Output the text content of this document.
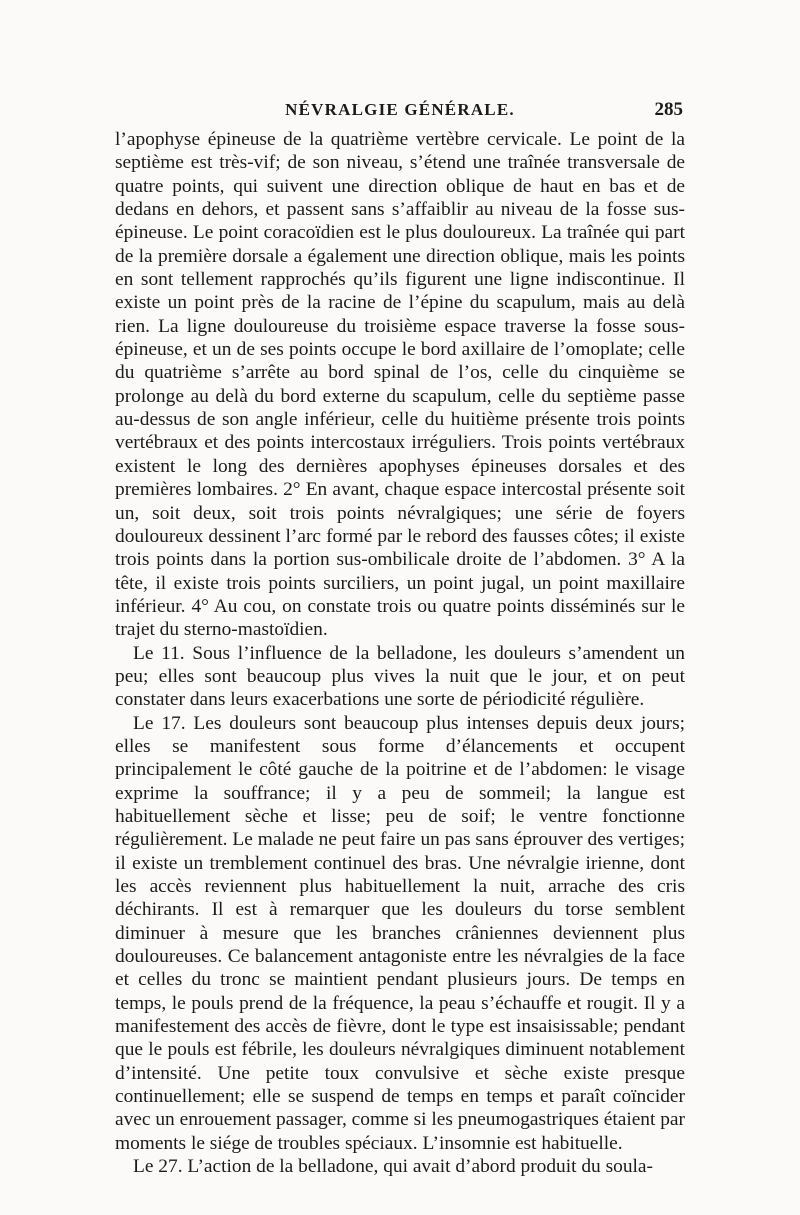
NÉVRALGIE GÉNÉRALE.	285

l’apophyse épineuse de la quatrième vertèbre cervicale. Le point de la septième est très-vif; de son niveau, s’étend une traînée transversale de quatre points, qui suivent une direction oblique de haut en bas et de dedans en dehors, et passent sans s’affaiblir au niveau de la fosse sus-épineuse. Le point coracoïdien est le plus douloureux. La traînée qui part de la première dorsale a également une direction oblique, mais les points en sont tellement rapprochés qu’ils figurent une ligne indiscontinue. Il existe un point près de la racine de l’épine du scapulum, mais au delà rien. La ligne douloureuse du troisième espace traverse la fosse sous-épineuse, et un de ses points occupe le bord axillaire de l’omoplate; celle du quatrième s’arrête au bord spinal de l’os, celle du cinquième se prolonge au delà du bord externe du scapulum, celle du septième passe au-dessus de son angle inférieur, celle du huitième présente trois points vertébraux et des points intercostaux irréguliers. Trois points vertébraux existent le long des dernières apophyses épineuses dorsales et des premières lombaires. 2° En avant, chaque espace intercostal présente soit un, soit deux, soit trois points névralgiques; une série de foyers douloureux dessinent l’arc formé par le rebord des fausses côtes; il existe trois points dans la portion sus-ombilicale droite de l’abdomen. 3° A la tête, il existe trois points surciliers, un point jugal, un point maxillaire inférieur. 4° Au cou, on constate trois ou quatre points disséminés sur le trajet du sterno-mastoïdien.

Le 11. Sous l’influence de la belladone, les douleurs s’amendent un peu; elles sont beaucoup plus vives la nuit que le jour, et on peut constater dans leurs exacerbations une sorte de périodicité régulière.

Le 17. Les douleurs sont beaucoup plus intenses depuis deux jours; elles se manifestent sous forme d’élancements et occupent principalement le côté gauche de la poitrine et de l’abdomen: le visage exprime la souffrance; il y a peu de sommeil; la langue est habituellement sèche et lisse; peu de soif; le ventre fonctionne régulièrement. Le malade ne peut faire un pas sans éprouver des vertiges; il existe un tremblement continuel des bras. Une névralgie irienne, dont les accès reviennent plus habituellement la nuit, arrache des cris déchirants. Il est à remarquer que les douleurs du torse semblent diminuer à mesure que les branches crâniennes deviennent plus douloureuses. Ce balancement antagoniste entre les névralgies de la face et celles du tronc se maintient pendant plusieurs jours. De temps en temps, le pouls prend de la fréquence, la peau s’échauffe et rougit. Il y a manifestement des accès de fièvre, dont le type est insaisissable; pendant que le pouls est fébrile, les douleurs névralgiques diminuent notablement d’intensité. Une petite toux convulsive et sèche existe presque continuellement; elle se suspend de temps en temps et paraît coïncider avec un enrouement passager, comme si les pneumogastriques étaient par moments le siége de troubles spéciaux. L’insomnie est habituelle.

Le 27. L’action de la belladone, qui avait d’abord produit du soula-
